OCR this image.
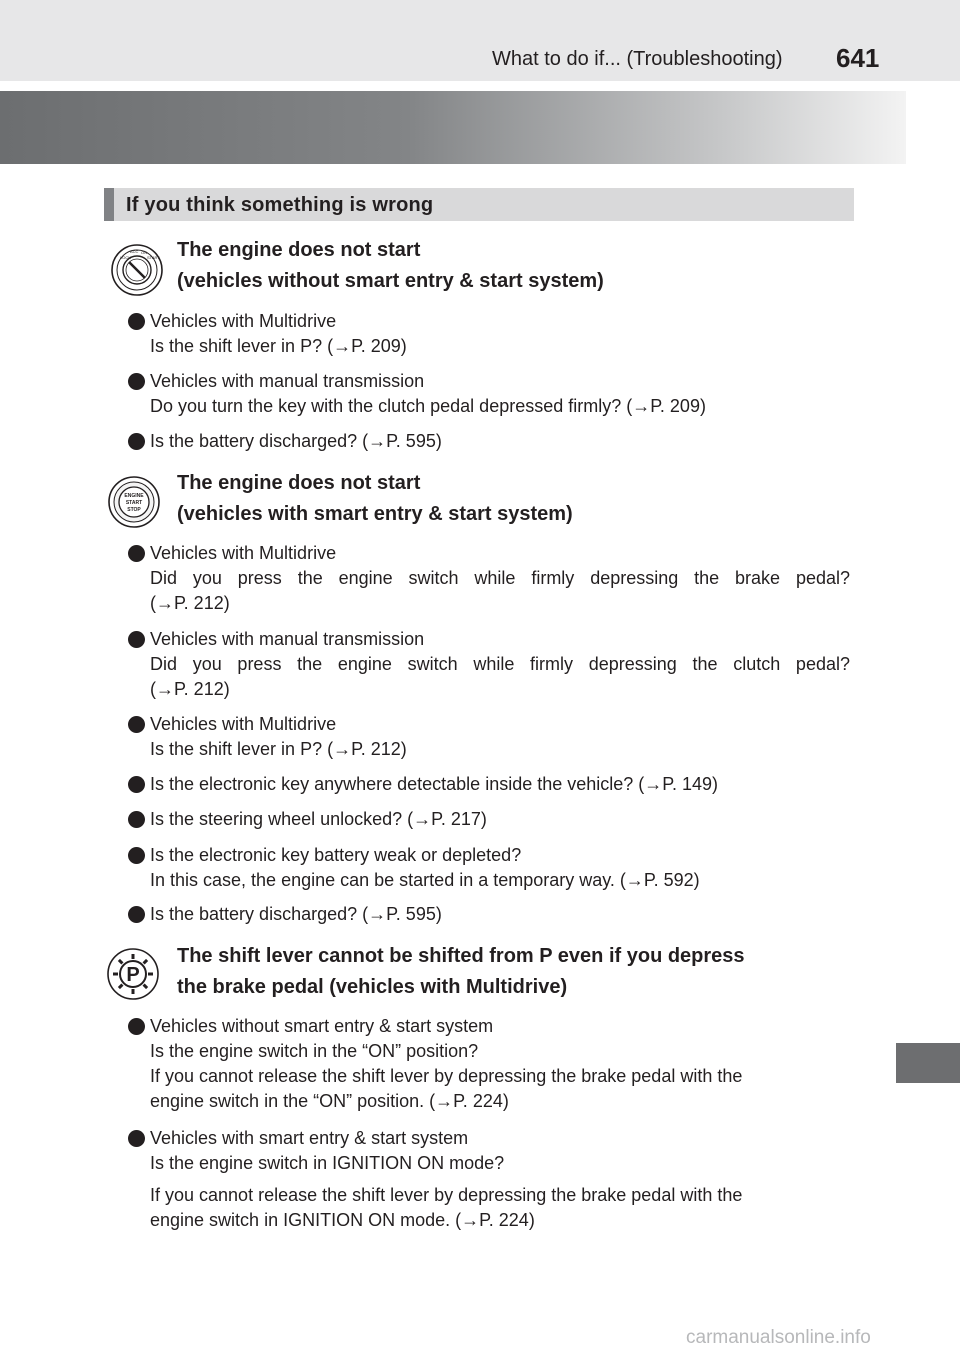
What to do if... (Troubleshooting) 641
If you think something is wrong
LOCK
ACC ON
START The engine does not start
(vehicles without smart entry & start system)
Vehicles with Multidrive
Is the shift lever in P? (→P. 209)
Vehicles with manual transmission
Do you turn the key with the clutch pedal depressed firmly? (→P. 209)
Is the battery discharged? (→P. 595)
ENGINE
START
STOP
The engine does not start
(vehicles with smart entry & start system)
Vehicles with Multidrive
Did you press the engine switch while firmly depressing the brake pedal?
(→P. 212)
Vehicles with manual transmission
Did you press the engine switch while firmly depressing the clutch pedal?
(→P. 212)
Vehicles with Multidrive
Is the shift lever in P? (→P. 212)
Is the electronic key anywhere detectable inside the vehicle? (→P. 149)
Is the steering wheel unlocked? (→P. 217)
Is the electronic key battery weak or depleted?
In this case, the engine can be started in a temporary way. (→P. 592)
Is the battery discharged? (→P. 595)
P
The shift lever cannot be shifted from P even if you depress
the brake pedal (vehicles with Multidrive)
Vehicles without smart entry & start system
Is the engine switch in the “ON” position?
If you cannot release the shift lever by depressing the brake pedal with the
engine switch in the “ON” position. (→P. 224)
Vehicles with smart entry & start system
Is the engine switch in IGNITION ON mode?
If you cannot release the shift lever by depressing the brake pedal with the
engine switch in IGNITION ON mode. (→P. 224)
carmanualsonline.info
